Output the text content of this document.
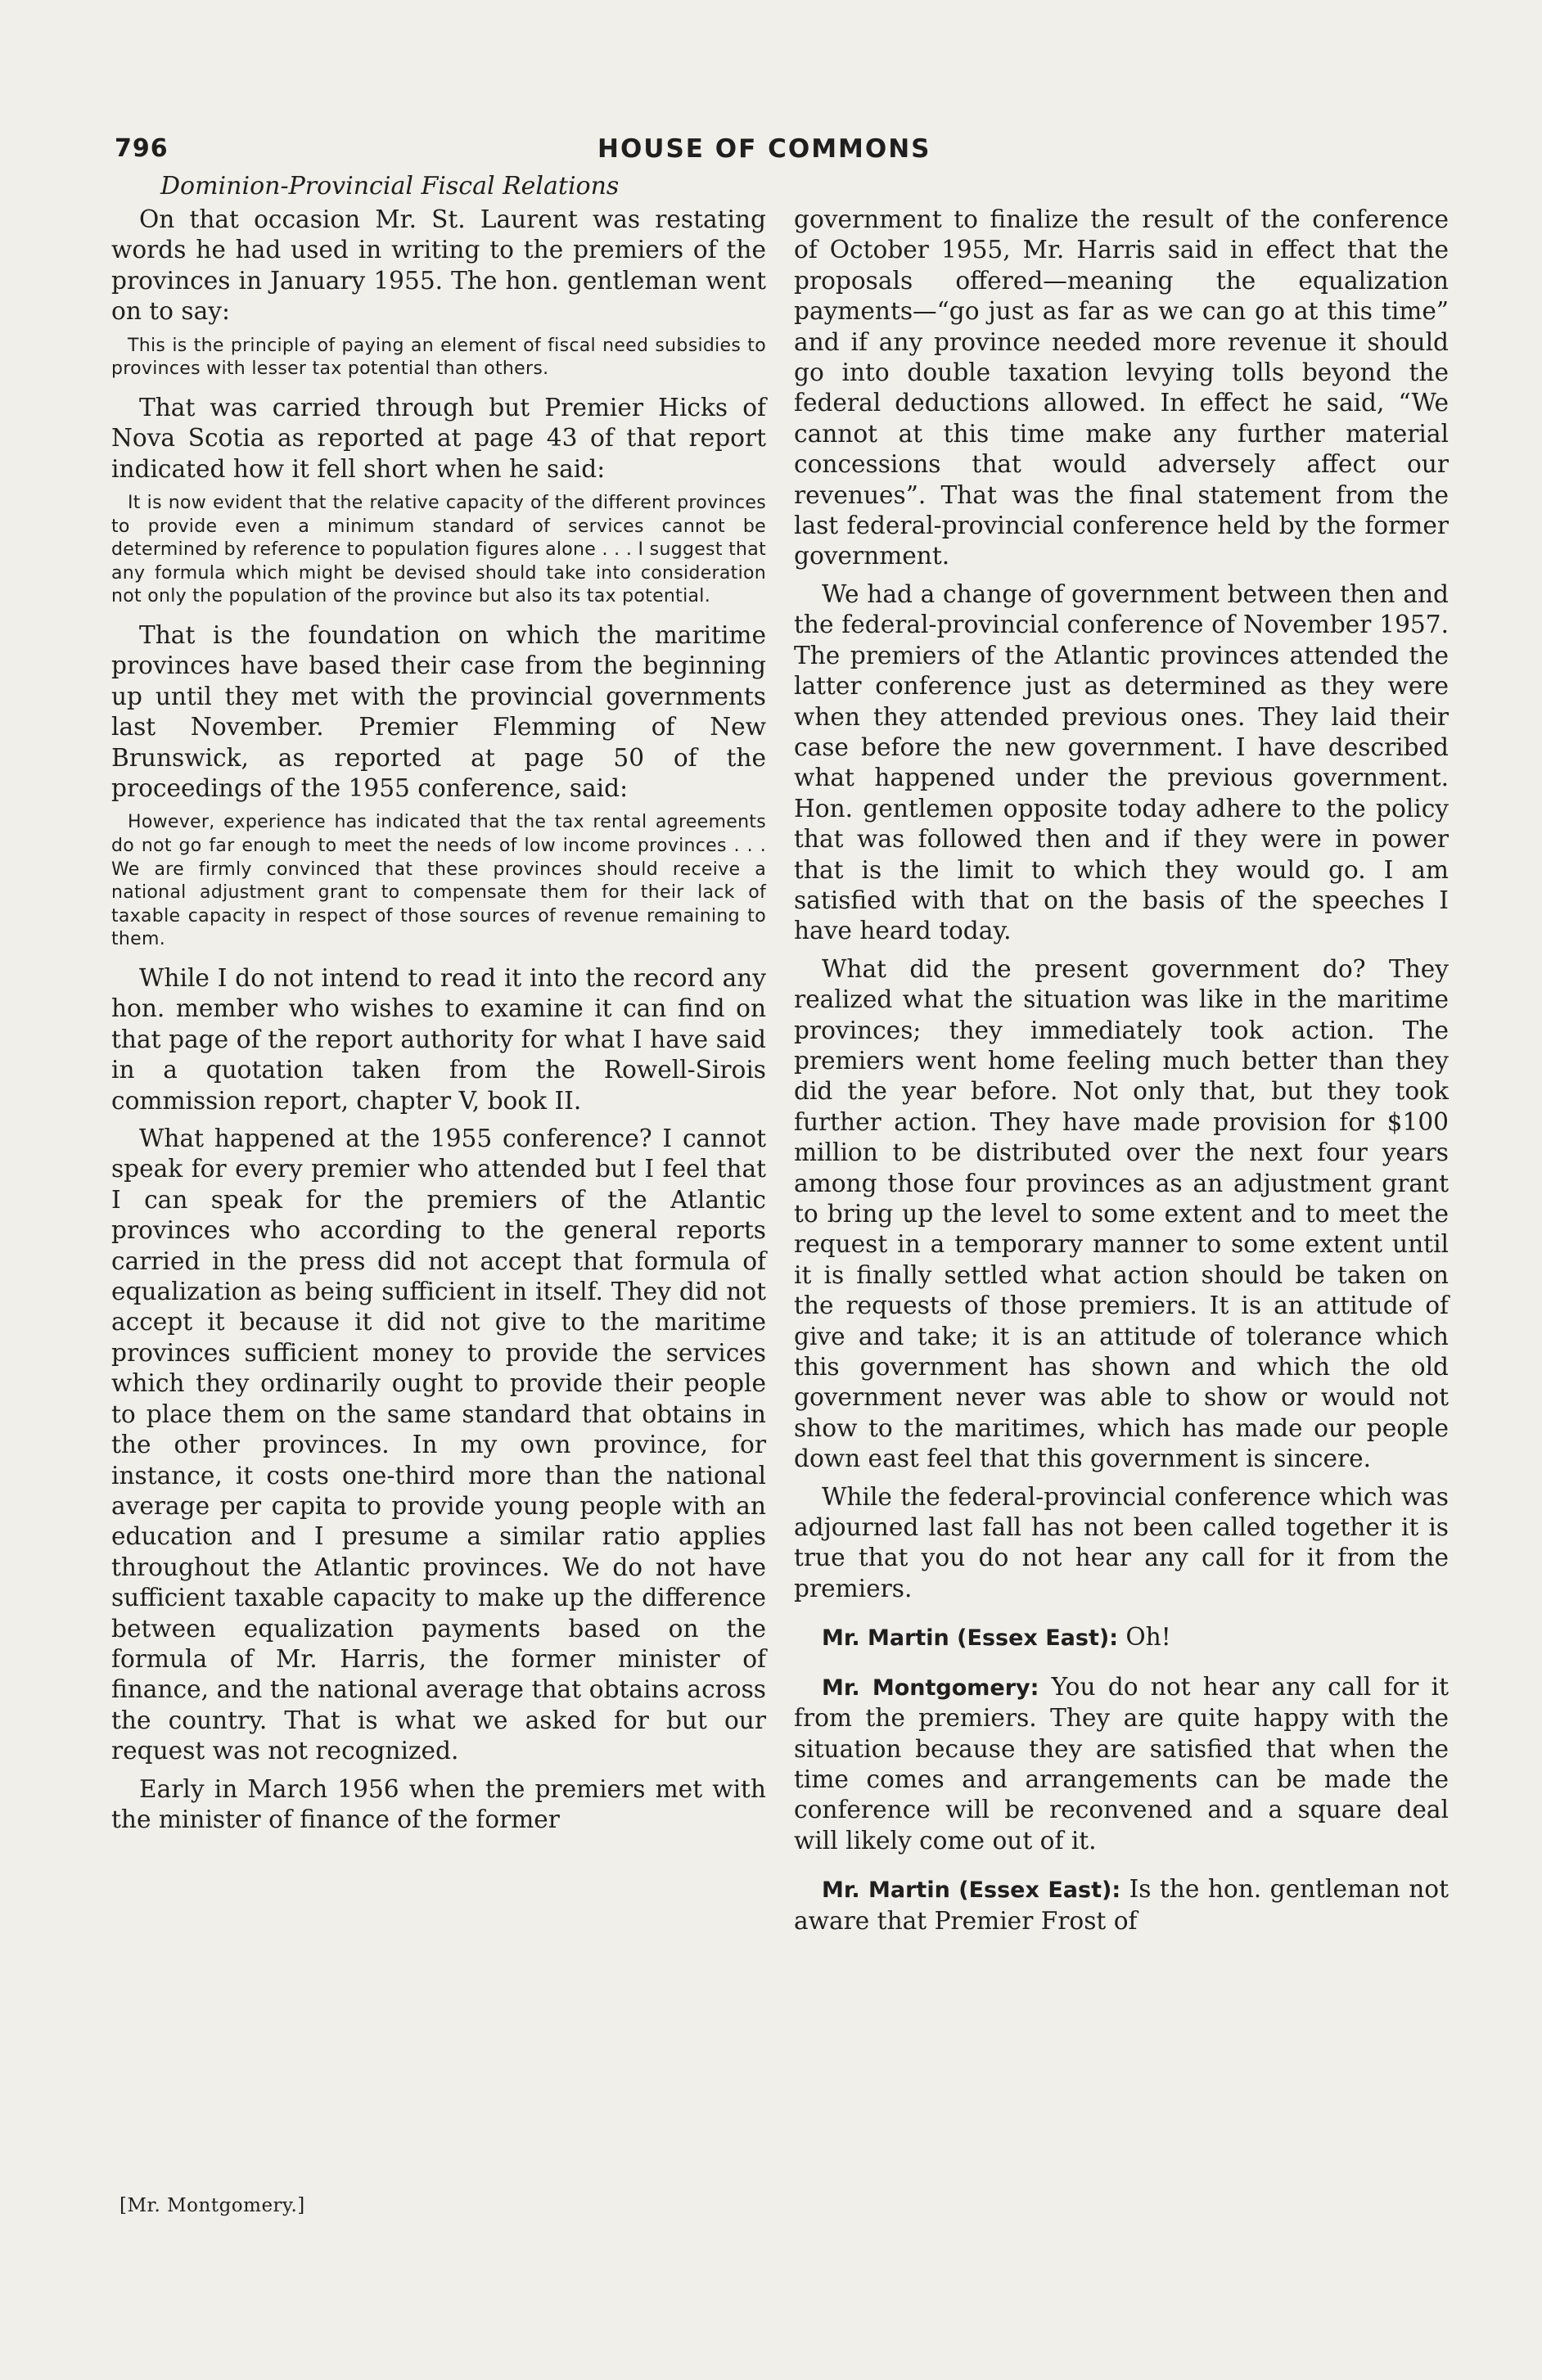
796	HOUSE OF COMMONS
Dominion-Provincial Fiscal Relations

On that occasion Mr. St. Laurent was restating words he had used in writing to the premiers of the provinces in January 1955. The hon. gentleman went on to say:

This is the principle of paying an element of fiscal need subsidies to provinces with lesser tax potential than others.

That was carried through but Premier Hicks of Nova Scotia as reported at page 43 of that report indicated how it fell short when he said:

It is now evident that the relative capacity of the different provinces to provide even a minimum standard of services cannot be determined by reference to population figures alone . . . I suggest that any formula which might be devised should take into consideration not only the population of the province but also its tax potential.

That is the foundation on which the maritime provinces have based their case from the beginning up until they met with the provincial governments last November. Premier Flemming of New Brunswick, as reported at page 50 of the proceedings of the 1955 conference, said:

However, experience has indicated that the tax rental agreements do not go far enough to meet the needs of low income provinces . . . We are firmly convinced that these provinces should receive a national adjustment grant to compensate them for their lack of taxable capacity in respect of those sources of revenue remaining to them.

While I do not intend to read it into the record any hon. member who wishes to examine it can find on that page of the report authority for what I have said in a quotation taken from the Rowell-Sirois commission report, chapter V, book II.

What happened at the 1955 conference? I cannot speak for every premier who attended but I feel that I can speak for the premiers of the Atlantic provinces who according to the general reports carried in the press did not accept that formula of equalization as being sufficient in itself. They did not accept it because it did not give to the maritime provinces sufficient money to provide the services which they ordinarily ought to provide their people to place them on the same standard that obtains in the other provinces. In my own province, for instance, it costs one-third more than the national average per capita to provide young people with an education and I presume a similar ratio applies throughout the Atlantic provinces. We do not have sufficient taxable capacity to make up the difference between equalization payments based on the formula of Mr. Harris, the former minister of finance, and the national average that obtains across the country. That is what we asked for but our request was not recognized.

Early in March 1956 when the premiers met with the minister of finance of the former

government to finalize the result of the conference of October 1955, Mr. Harris said in effect that the proposals offered—meaning the equalization payments—“go just as far as we can go at this time” and if any province needed more revenue it should go into double taxation levying tolls beyond the federal deductions allowed. In effect he said, “We cannot at this time make any further material concessions that would adversely affect our revenues”. That was the final statement from the last federal-provincial conference held by the former government.

We had a change of government between then and the federal-provincial conference of November 1957. The premiers of the Atlantic provinces attended the latter conference just as determined as they were when they attended previous ones. They laid their case before the new government. I have described what happened under the previous government. Hon. gentlemen opposite today adhere to the policy that was followed then and if they were in power that is the limit to which they would go. I am satisfied with that on the basis of the speeches I have heard today.

What did the present government do? They realized what the situation was like in the maritime provinces; they immediately took action. The premiers went home feeling much better than they did the year before. Not only that, but they took further action. They have made provision for $100 million to be distributed over the next four years among those four provinces as an adjustment grant to bring up the level to some extent and to meet the request in a temporary manner to some extent until it is finally settled what action should be taken on the requests of those premiers. It is an attitude of give and take; it is an attitude of tolerance which this government has shown and which the old government never was able to show or would not show to the maritimes, which has made our people down east feel that this government is sincere.

While the federal-provincial conference which was adjourned last fall has not been called together it is true that you do not hear any call for it from the premiers.

Mr. Martin (Essex East): Oh!

Mr. Montgomery: You do not hear any call for it from the premiers. They are quite happy with the situation because they are satisfied that when the time comes and arrangements can be made the conference will be reconvened and a square deal will likely come out of it.

Mr. Martin (Essex East): Is the hon. gentleman not aware that Premier Frost of

[Mr. Montgomery.]
